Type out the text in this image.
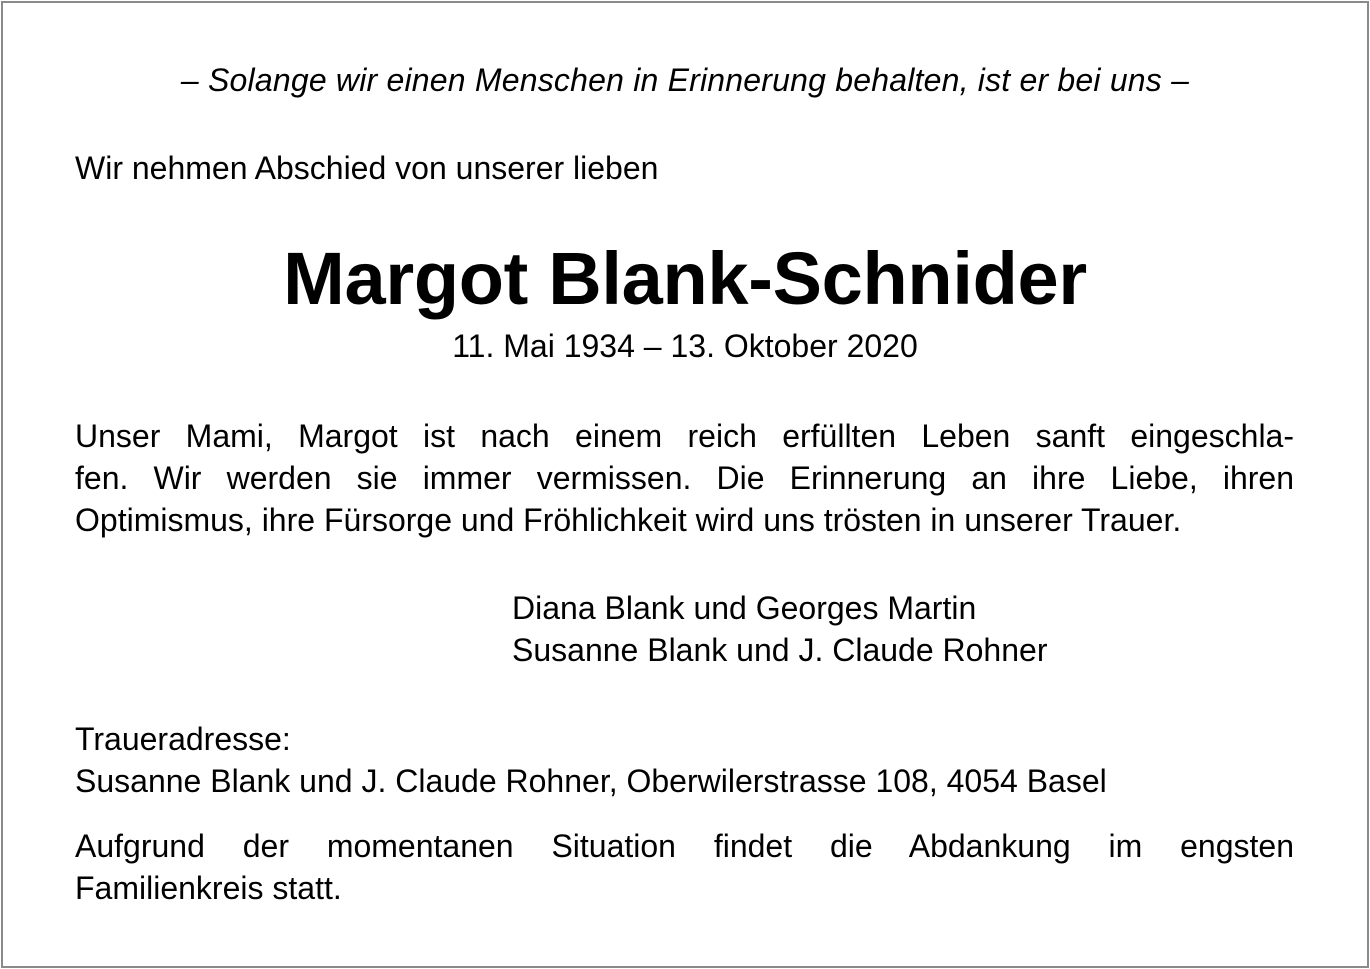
– Solange wir einen Menschen in Erinnerung behalten, ist er bei uns –
Wir nehmen Abschied von unserer lieben
Margot Blank-Schnider
11. Mai 1934 – 13. Oktober 2020
Unser Mami, Margot ist nach einem reich erfüllten Leben sanft eingeschla-
fen. Wir werden sie immer vermissen. Die Erinnerung an ihre Liebe, ihren
Optimismus, ihre Fürsorge und Fröhlichkeit wird uns trösten in unserer Trauer.
Diana Blank und Georges Martin
Susanne Blank und J. Claude Rohner
Traueradresse:
Susanne Blank und J. Claude Rohner, Oberwilerstrasse 108, 4054 Basel
Aufgrund der momentanen Situation findet die Abdankung im engsten
Familienkreis statt.
